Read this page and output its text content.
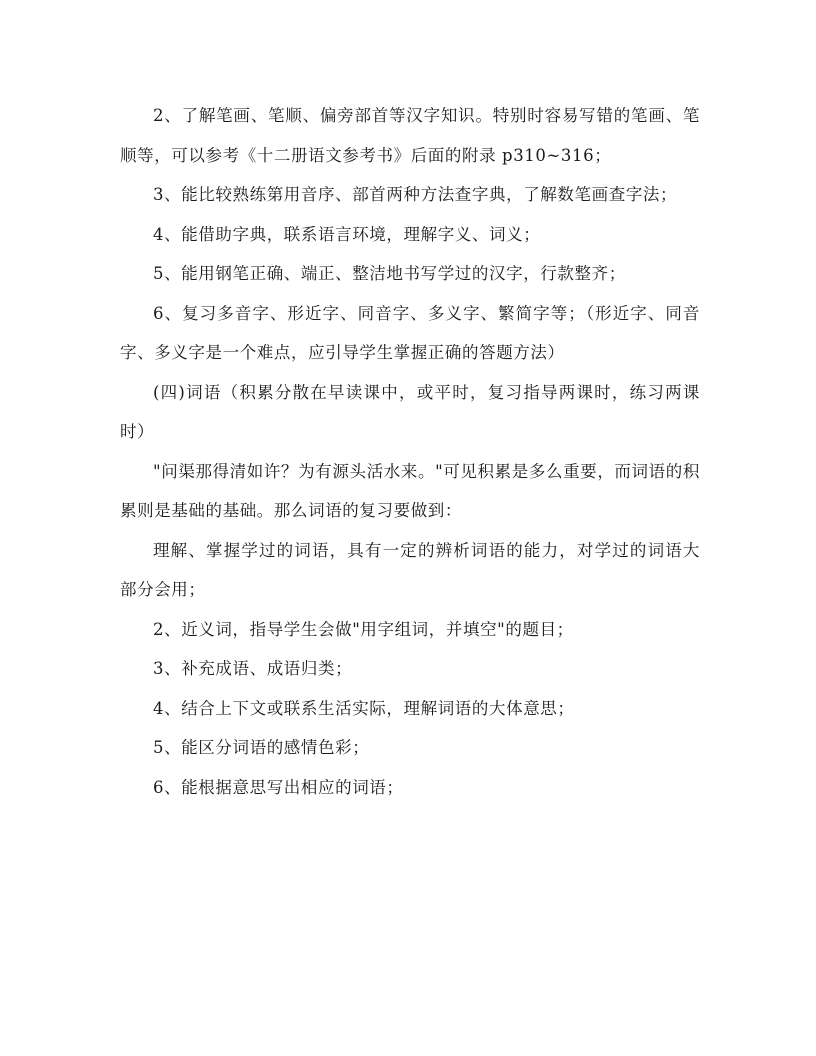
2、了解笔画、笔顺、偏旁部首等汉字知识。特别时容易写错的笔画、笔顺等，可以参考《十二册语文参考书》后面的附录 p310~316；

3、能比较熟练第用音序、部首两种方法查字典，了解数笔画查字法；

4、能借助字典，联系语言环境，理解字义、词义；

5、能用钢笔正确、端正、整洁地书写学过的汉字，行款整齐；

6、复习多音字、形近字、同音字、多义字、繁简字等；（形近字、同音字、多义字是一个难点，应引导学生掌握正确的答题方法）

(四)词语（积累分散在早读课中，或平时，复习指导两课时，练习两课时）

"问渠那得清如许？为有源头活水来。"可见积累是多么重要，而词语的积累则是基础的基础。那么词语的复习要做到：

理解、掌握学过的词语，具有一定的辨析词语的能力，对学过的词语大部分会用；

2、近义词，指导学生会做"用字组词，并填空"的题目；

3、补充成语、成语归类；

4、结合上下文或联系生活实际，理解词语的大体意思；

5、能区分词语的感情色彩；

6、能根据意思写出相应的词语；
